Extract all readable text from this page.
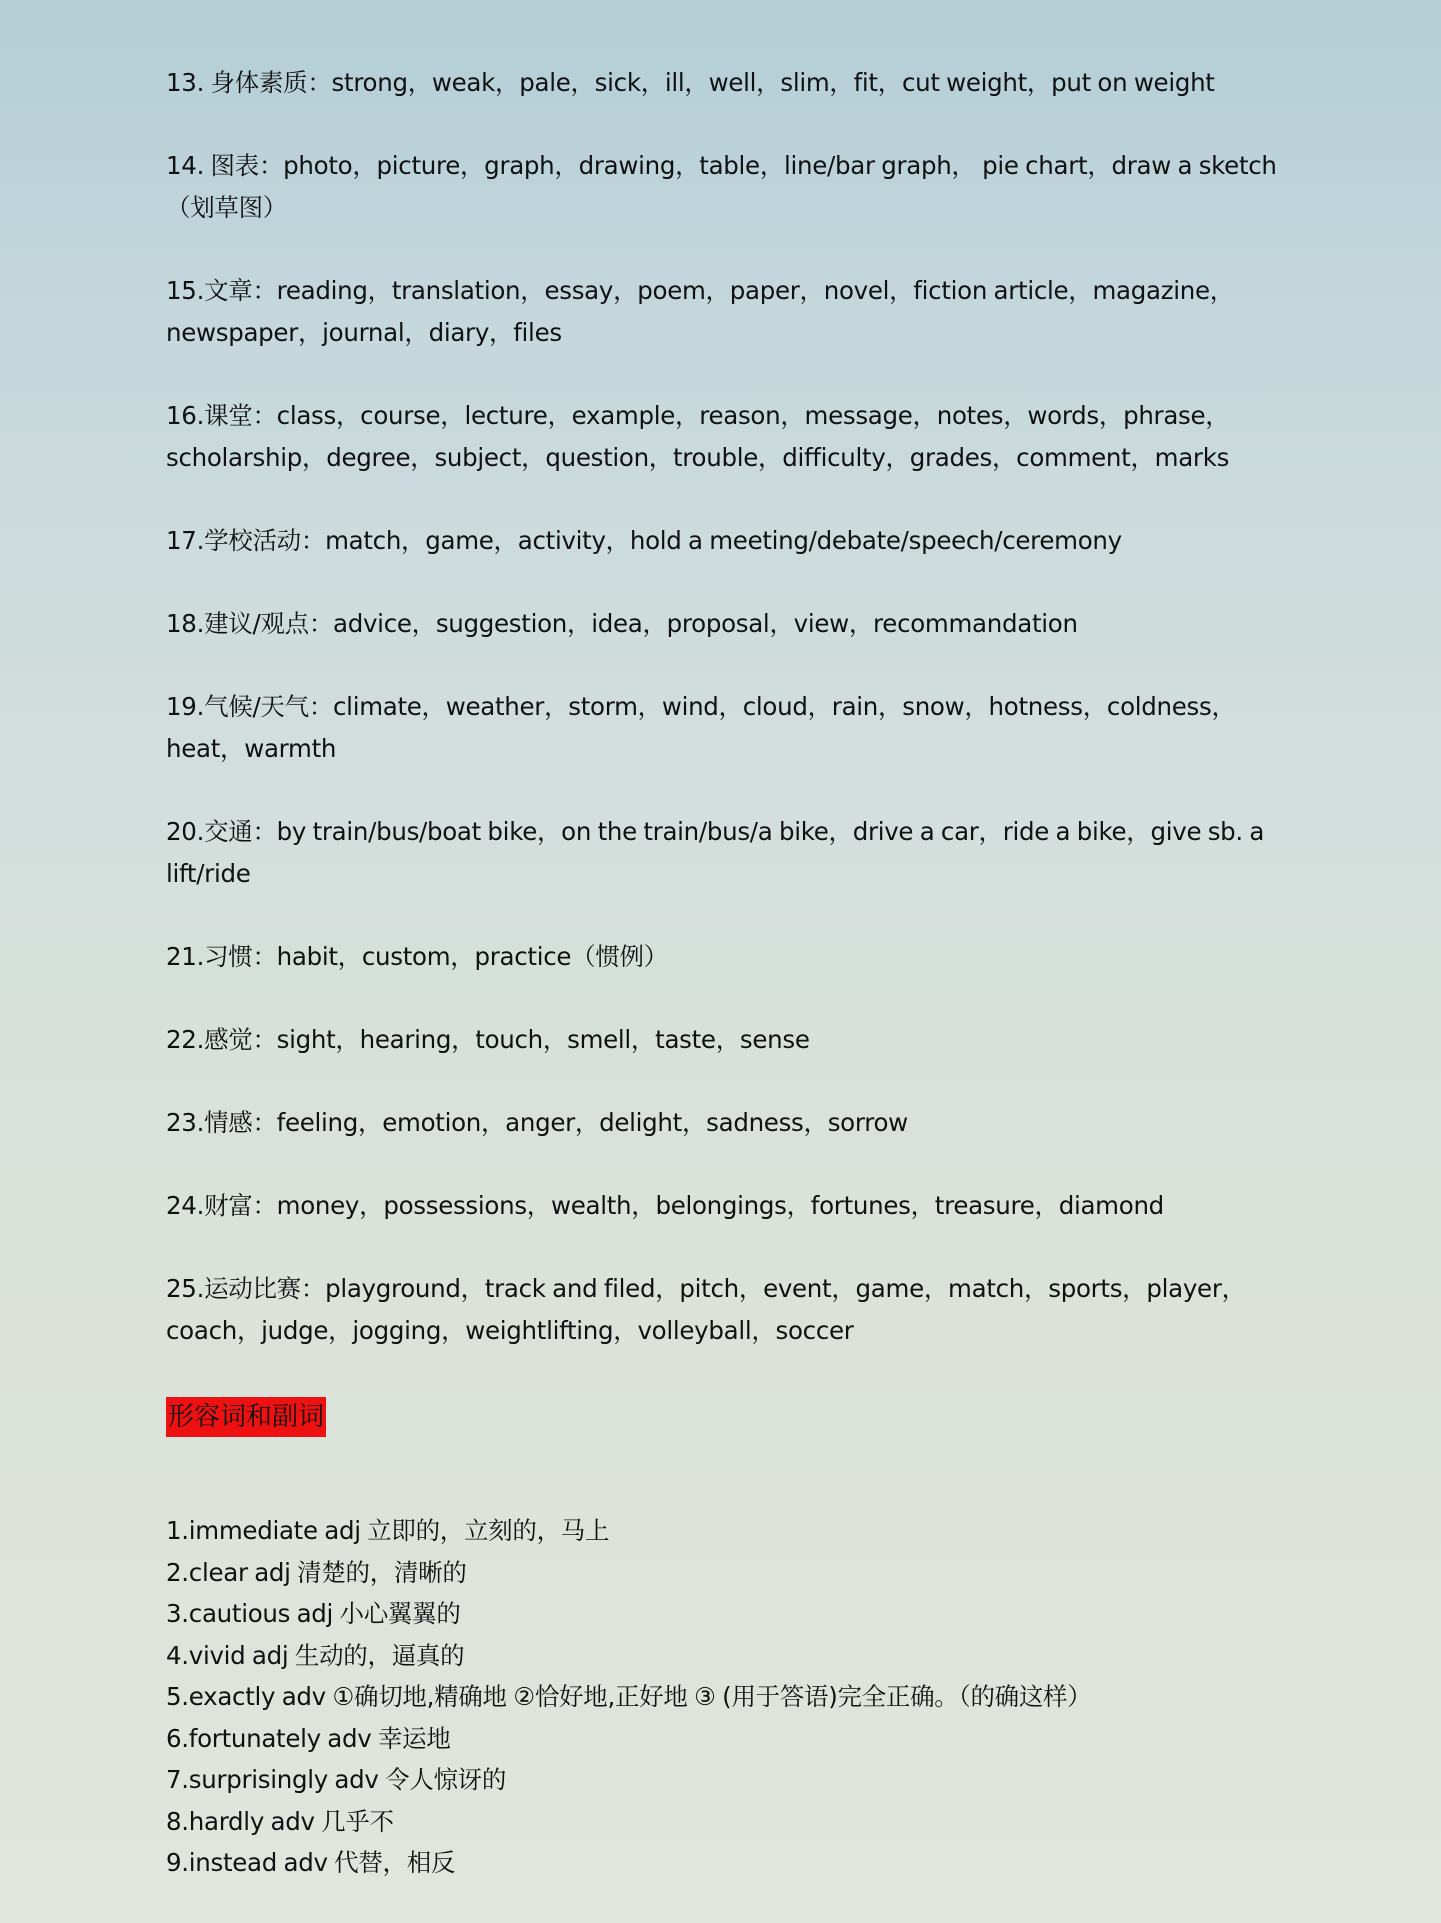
13. 身体素质：strong，weak，pale，sick，ill，well，slim，fit，cut weight，put on weight

14. 图表：photo，picture，graph，drawing，table，line/bar graph， pie chart，draw a sketch（划草图）

15.文章：reading，translation，essay，poem，paper，novel，fiction article，magazine，newspaper，journal，diary，files

16.课堂：class，course，lecture，example，reason，message，notes，words，phrase，scholarship，degree，subject，question，trouble，difficulty，grades，comment，marks

17.学校活动：match，game，activity，hold a meeting/debate/speech/ceremony

18.建议/观点：advice，suggestion，idea，proposal，view，recommandation

19.气候/天气：climate，weather，storm，wind，cloud，rain，snow，hotness，coldness，heat，warmth

20.交通：by train/bus/boat bike，on the train/bus/a bike，drive a car，ride a bike，give sb. a lift/ride

21.习惯：habit，custom，practice（惯例）

22.感觉：sight，hearing，touch，smell，taste，sense

23.情感：feeling，emotion，anger，delight，sadness，sorrow

24.财富：money，possessions，wealth，belongings，fortunes，treasure，diamond

25.运动比赛：playground，track and filed，pitch，event，game，match，sports，player，coach，judge，jogging，weightlifting，volleyball，soccer

形容词和副词
1.immediate adj 立即的，立刻的，马上
2.clear adj 清楚的，清晰的
3.cautious adj 小心翼翼的
4.vivid adj 生动的，逼真的
5.exactly adv ①确切地,精确地 ②恰好地,正好地 ③ (用于答语)完全正确。（的确这样）
6.fortunately adv 幸运地
7.surprisingly adv 令人惊讶的
8.hardly adv 几乎不
9.instead adv 代替，相反
